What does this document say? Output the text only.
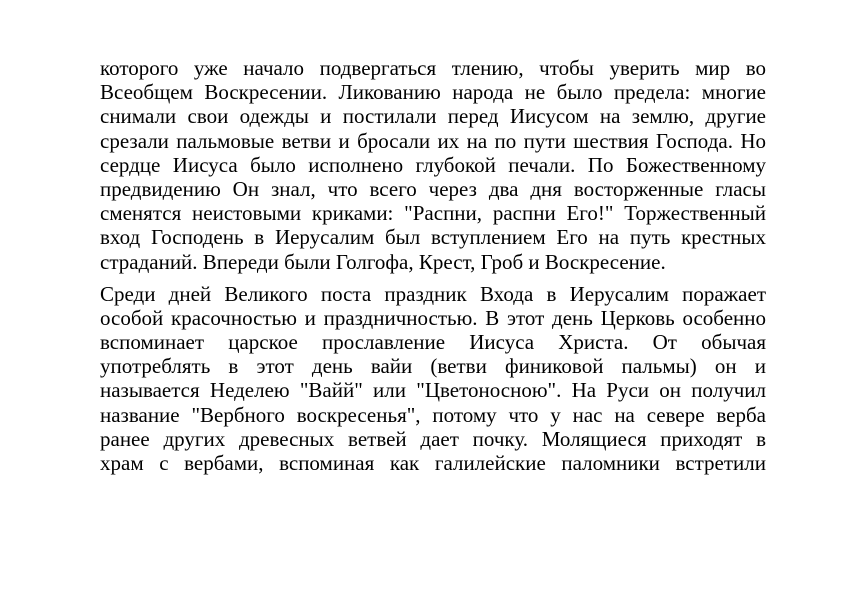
которого уже начало подвергаться тлению, чтобы уверить мир во
Всеобщем Воскресении. Ликованию народа не было предела: многие
снимали свои одежды и постилали перед Иисусом на землю, другие
срезали пальмовые ветви и бросали их на по пути шествия Господа. Но
сердце Иисуса было исполнено глубокой печали. По Божественному
предвидению Он знал, что всего через два дня восторженные гласы
сменятся неистовыми криками: "Распни, распни Его!" Торжественный
вход Господень в Иерусалим был вступлением Его на путь крестных
страданий. Впереди были Голгофа, Крест, Гроб и Воскресение.

Среди дней Великого поста праздник Входа в Иерусалим поражает
особой красочностью и праздничностью. В этот день Церковь особенно
вспоминает царское прославление Иисуса Христа. От обычая
употреблять в этот день вайи (ветви финиковой пальмы) он и
называется Неделею "Вайй" или "Цветоносною". На Руси он получил
название "Вербного воскресенья", потому что у нас на севере верба
ранее других древесных ветвей дает почку. Молящиеся приходят в
храм с вербами, вспоминая как галилейские паломники встретили
